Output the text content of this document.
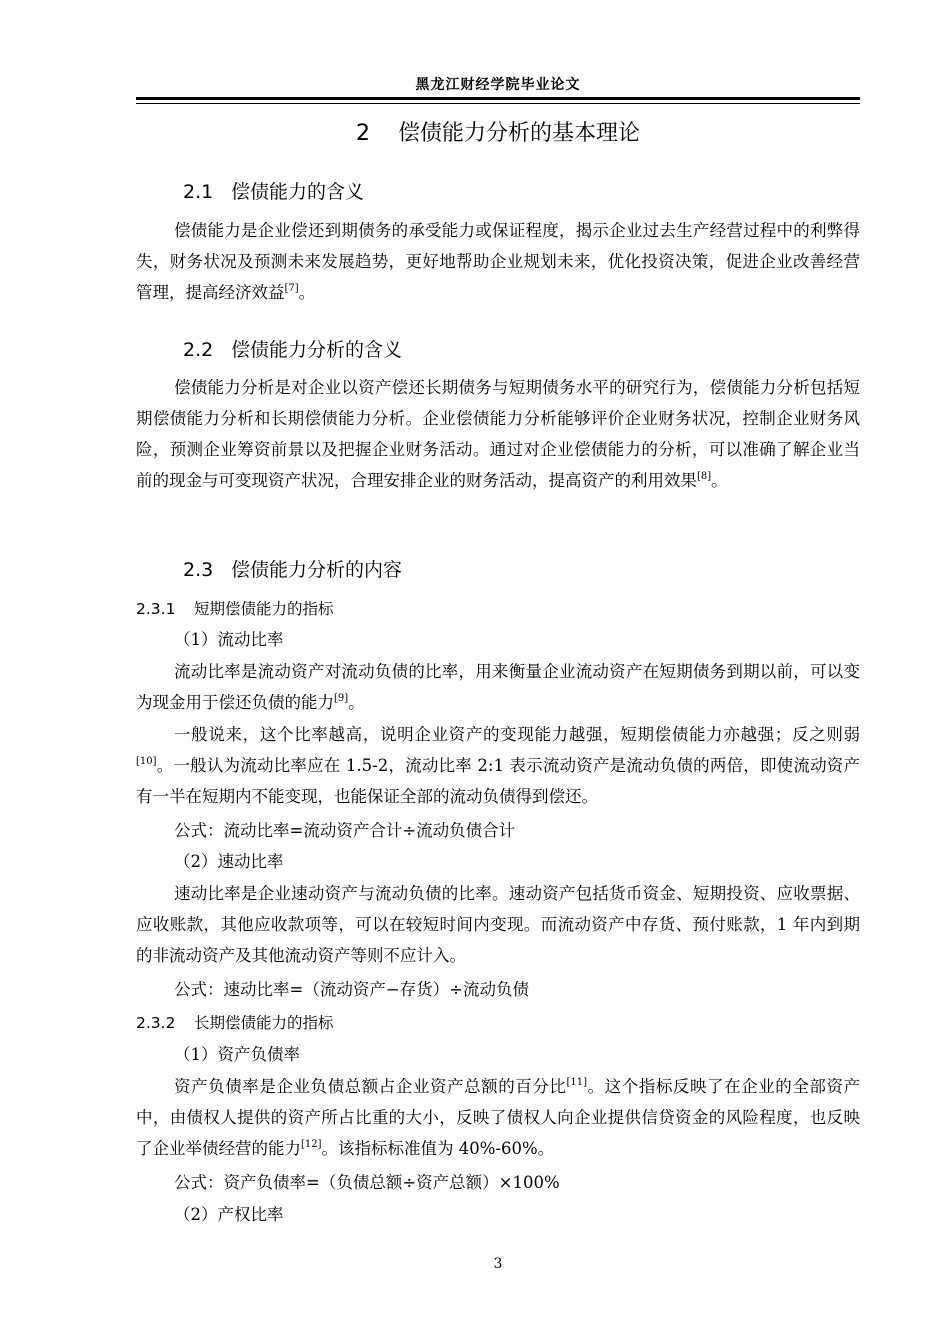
黑龙江财经学院毕业论文
2 偿债能力分析的基本理论
2.1 偿债能力的含义
偿债能力是企业偿还到期债务的承受能力或保证程度，揭示企业过去生产经营过程中的利弊得失，财务状况及预测未来发展趋势，更好地帮助企业规划未来，优化投资决策，促进企业改善经营管理，提高经济效益[7]。
2.2 偿债能力分析的含义
偿债能力分析是对企业以资产偿还长期债务与短期债务水平的研究行为，偿债能力分析包括短期偿债能力分析和长期偿债能力分析。企业偿债能力分析能够评价企业财务状况，控制企业财务风险，预测企业筹资前景以及把握企业财务活动。通过对企业偿债能力的分析，可以准确了解企业当前的现金与可变现资产状况，合理安排企业的财务活动，提高资产的利用效果[8]。
2.3 偿债能力分析的内容
2.3.1 短期偿债能力的指标
（1）流动比率
流动比率是流动资产对流动负债的比率，用来衡量企业流动资产在短期债务到期以前，可以变为现金用于偿还负债的能力[9]。
一般说来，这个比率越高，说明企业资产的变现能力越强，短期偿债能力亦越强；反之则弱[10]。一般认为流动比率应在 1.5-2，流动比率 2:1 表示流动资产是流动负债的两倍，即使流动资产有一半在短期内不能变现，也能保证全部的流动负债得到偿还。
公式：流动比率=流动资产合计÷流动负债合计
（2）速动比率
速动比率是企业速动资产与流动负债的比率。速动资产包括货币资金、短期投资、应收票据、应收账款，其他应收款项等，可以在较短时间内变现。而流动资产中存货、预付账款，1 年内到期的非流动资产及其他流动资产等则不应计入。
公式：速动比率=（流动资产−存货）÷流动负债
2.3.2 长期偿债能力的指标
（1）资产负债率
资产负债率是企业负债总额占企业资产总额的百分比[11]。这个指标反映了在企业的全部资产中，由债权人提供的资产所占比重的大小，反映了债权人向企业提供信贷资金的风险程度，也反映了企业举债经营的能力[12]。该指标标准值为 40%-60%。
公式：资产负债率=（负债总额÷资产总额）×100%
（2）产权比率
3
